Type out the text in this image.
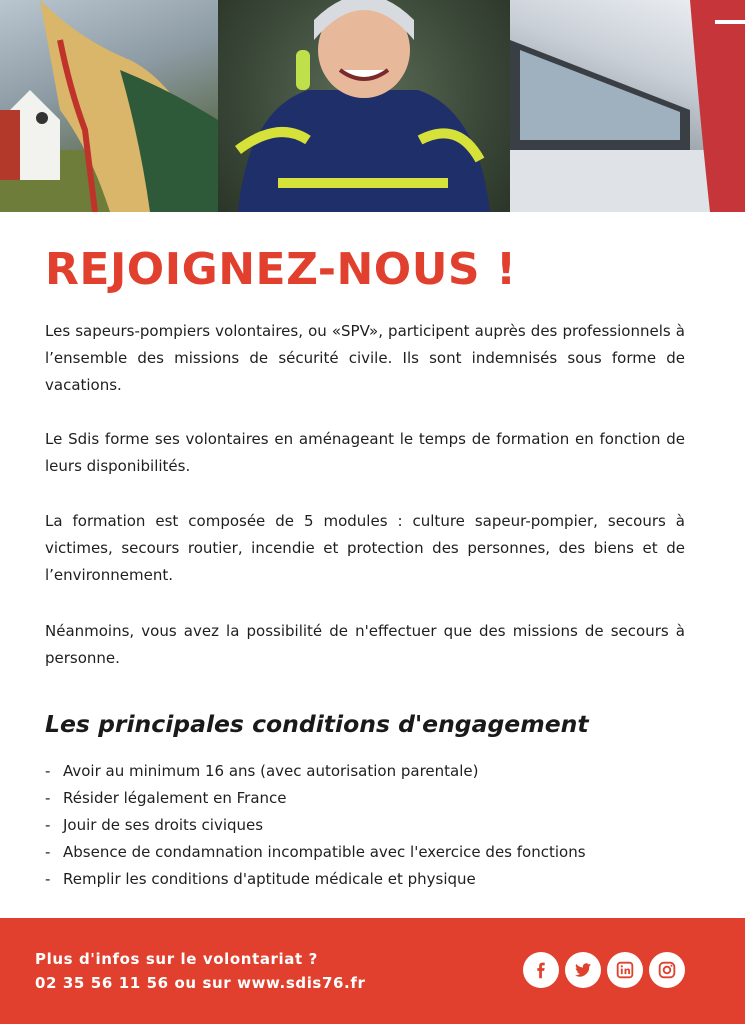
REJOIGNEZ-NOUS !

Les sapeurs-pompiers volontaires, ou «SPV», participent auprès des professionnels à l’ensemble des missions de sécurité civile. Ils sont indemnisés sous forme de vacations.

Le Sdis forme ses volontaires en aménageant le temps de formation en fonction de leurs disponibilités.

La formation est composée de 5 modules : culture sapeur-pompier, secours à victimes, secours routier, incendie et protection des personnes, des biens et de l’environnement.

Néanmoins, vous avez la possibilité de n'effectuer que des missions de secours à personne.

Les principales conditions d'engagement
- Avoir au minimum 16 ans (avec autorisation parentale)
- Résider légalement en France
- Jouir de ses droits civiques
- Absence de condamnation incompatible avec l'exercice des fonctions
- Remplir les conditions d'aptitude médicale et physique
Plus d'infos sur le volontariat ?
02 35 56 11 56 ou sur www.sdis76.fr
